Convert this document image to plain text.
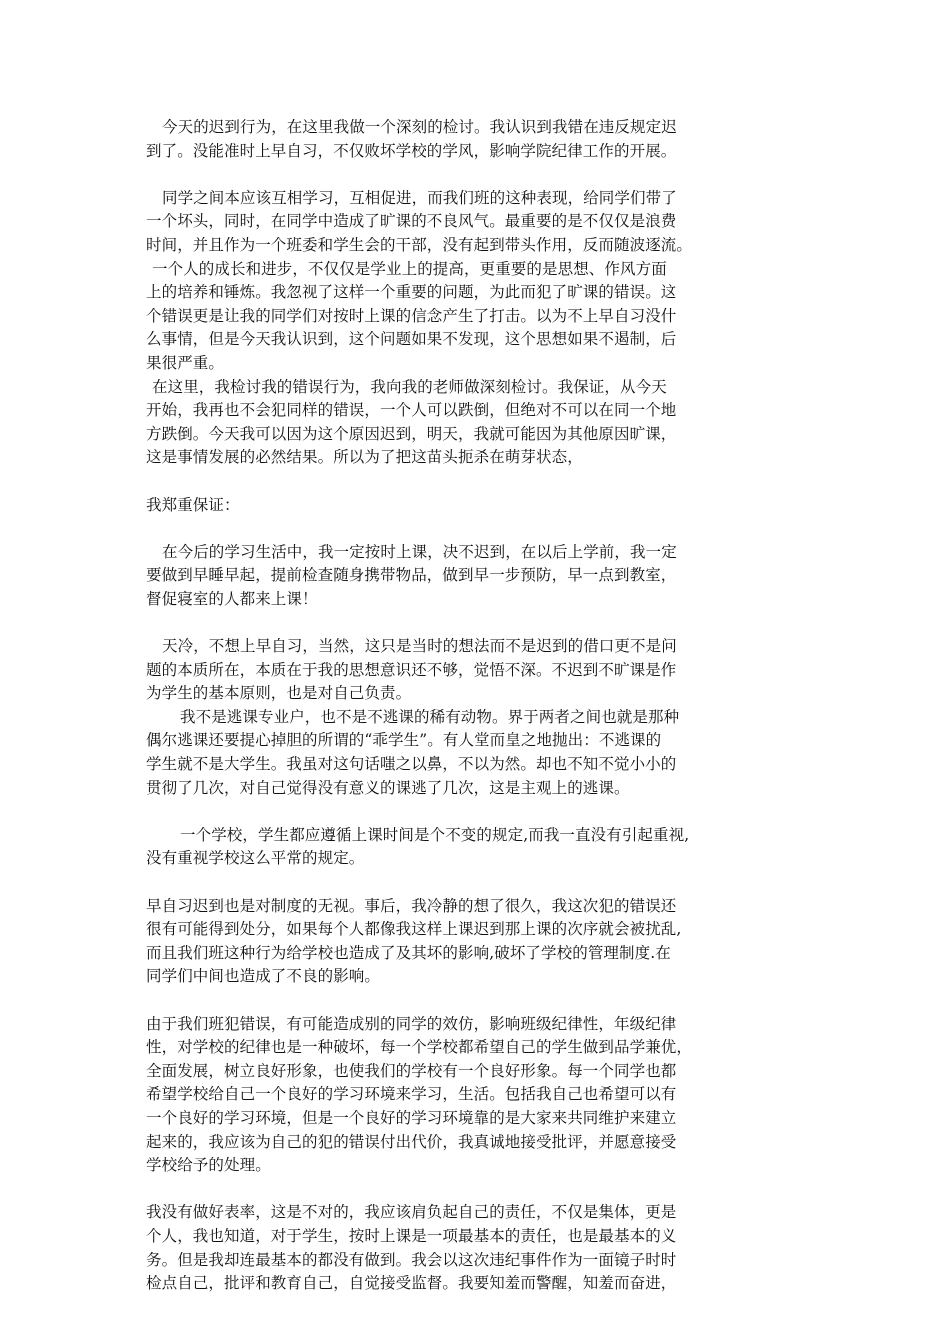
今天的迟到行为，在这里我做一个深刻的检讨。我认识到我错在违反规定迟
到了。没能准时上早自习，不仅败坏学校的学风，影响学院纪律工作的开展。
同学之间本应该互相学习，互相促进，而我们班的这种表现，给同学们带了
一个坏头，同时，在同学中造成了旷课的不良风气。最重要的是不仅仅是浪费
时间，并且作为一个班委和学生会的干部，没有起到带头作用，反而随波逐流。
一个人的成长和进步，不仅仅是学业上的提高，更重要的是思想、作风方面
上的培养和锤炼。我忽视了这样一个重要的问题，为此而犯了旷课的错误。这
个错误更是让我的同学们对按时上课的信念产生了打击。以为不上早自习没什
么事情，但是今天我认识到，这个问题如果不发现，这个思想如果不遏制，后
果很严重。
在这里，我检讨我的错误行为，我向我的老师做深刻检讨。我保证，从今天
开始，我再也不会犯同样的错误，一个人可以跌倒，但绝对不可以在同一个地
方跌倒。今天我可以因为这个原因迟到，明天，我就可能因为其他原因旷课，
这是事情发展的必然结果。所以为了把这苗头扼杀在萌芽状态，
我郑重保证：
在今后的学习生活中，我一定按时上课，决不迟到，在以后上学前，我一定
要做到早睡早起，提前检查随身携带物品，做到早一步预防，早一点到教室，
督促寝室的人都来上课！
天冷，不想上早自习，当然，这只是当时的想法而不是迟到的借口更不是问
题的本质所在，本质在于我的思想意识还不够，觉悟不深。不迟到不旷课是作
为学生的基本原则，也是对自己负责。
我不是逃课专业户，也不是不逃课的稀有动物。界于两者之间也就是那种
偶尔逃课还要提心掉胆的所谓的“乖学生”。有人堂而皇之地抛出：不逃课的
学生就不是大学生。我虽对这句话嗤之以鼻，不以为然。却也不知不觉小小的
贯彻了几次，对自己觉得没有意义的课逃了几次，这是主观上的逃课。
一个学校，学生都应遵循上课时间是个不变的规定,而我一直没有引起重视,
没有重视学校这么平常的规定。
早自习迟到也是对制度的无视。事后，我冷静的想了很久，我这次犯的错误还
很有可能得到处分，如果每个人都像我这样上课迟到那上课的次序就会被扰乱,
而且我们班这种行为给学校也造成了及其坏的影响,破坏了学校的管理制度.在
同学们中间也造成了不良的影响。
由于我们班犯错误，有可能造成别的同学的效仿，影响班级纪律性，年级纪律
性，对学校的纪律也是一种破坏，每一个学校都希望自己的学生做到品学兼优，
全面发展，树立良好形象，也使我们的学校有一个良好形象。每一个同学也都
希望学校给自己一个良好的学习环境来学习，生活。包括我自己也希望可以有
一个良好的学习环境，但是一个良好的学习环境靠的是大家来共同维护来建立
起来的，我应该为自己的犯的错误付出代价，我真诚地接受批评，并愿意接受
学校给予的处理。
我没有做好表率，这是不对的，我应该肩负起自己的责任，不仅是集体，更是
个人，我也知道，对于学生，按时上课是一项最基本的责任，也是最基本的义
务。但是我却连最基本的都没有做到。我会以这次违纪事件作为一面镜子时时
检点自己，批评和教育自己，自觉接受监督。我要知羞而警醒，知羞而奋进，
